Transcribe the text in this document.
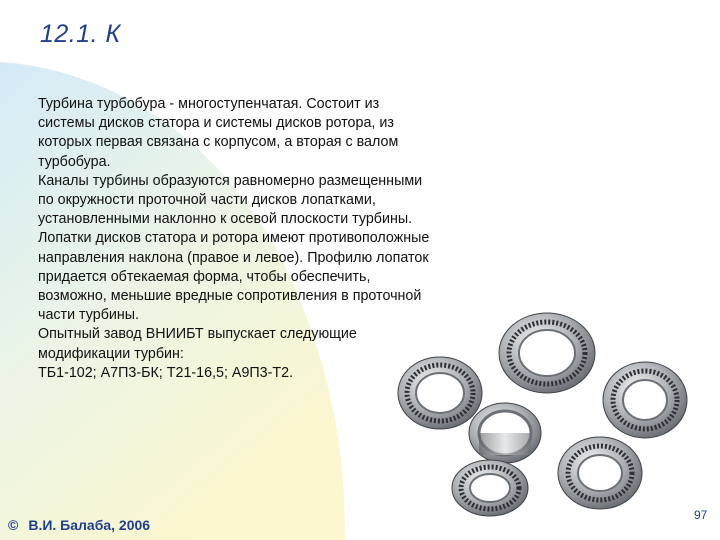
12.1. К

Турбина турбобура - многоступенчатая. Состоит из системы дисков статора и системы дисков ротора, из которых первая связана с корпусом, а вторая с валом турбобура.

Каналы турбины образуются равномерно размещенными по окружности проточной части дисков лопатками, установленными наклонно к осевой плоскости турбины. Лопатки дисков статора и ротора имеют противоположные направления наклона (правое и левое). Профилю лопаток придается обтекаемая форма, чтобы обеспечить, возможно, меньшие вредные сопротивления в проточной части турбины.

Опытный завод ВНИИБТ выпускает следующие модификации турбин:

ТБ1-102; А7П3-БК; Т21-16,5; А9П3-Т2.

© В.И. Балаба, 2006
97
